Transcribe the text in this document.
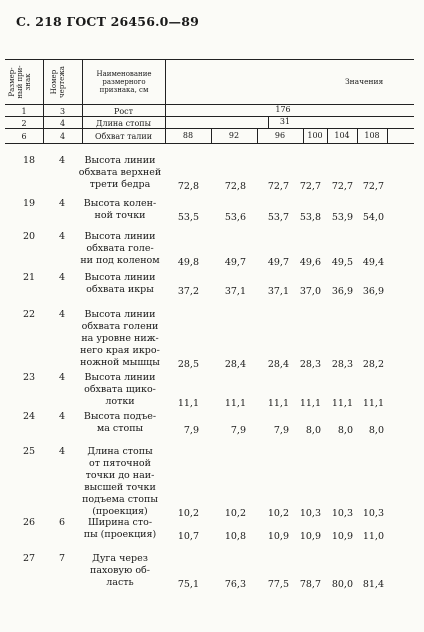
С. 218 ГОСТ 26456.0—89
Размер-
ный при-
знак	Номер
чертежа	Наименование
размерного
признака, см
Значения
1	3	Рост	176
2	4	Длина стопы	31
6	4	Обхват талии	88	92	96	100	104	108
18	4	Высота линии
обхвата верхней
трети бедра	72,8	72,8	72,7	72,7	72,7	72,7
19	4	Высота колен-
ной точки	53,5	53,6	53,7	53,8	53,9	54,0
20	4	Высота линии
обхвата голе-
ни под коленом	49,8	49,7	49,7	49,6	49,5	49,4
21	4	Высота линии
обхвата икры	37,2	37,1	37,1	37,0	36,9	36,9
22	4	Высота линии
обхвата голени
на уровне ниж-
него края икро-
ножной мышцы	28,5	28,4	28,4	28,3	28,3	28,2
23	4	Высота линии
обхвата щико-
лотки	11,1	11,1	11,1	11,1	11,1	11,1
24	4	Высота подъе-
ма стопы	7,9	7,9	7,9	8,0	8,0	8,0
25	4	Длина стопы
от пяточной
точки до наи-
высшей точки
подъема стопы
(проекция)	10,2	10,2	10,2	10,3	10,3	10,3
26	6	Ширина сто-
пы (проекция)	10,7	10,8	10,9	10,9	10,9	11,0
27	7	Дуга через
паховую об-
ласть	75,1	76,3	77,5	78,7	80,0	81,4
